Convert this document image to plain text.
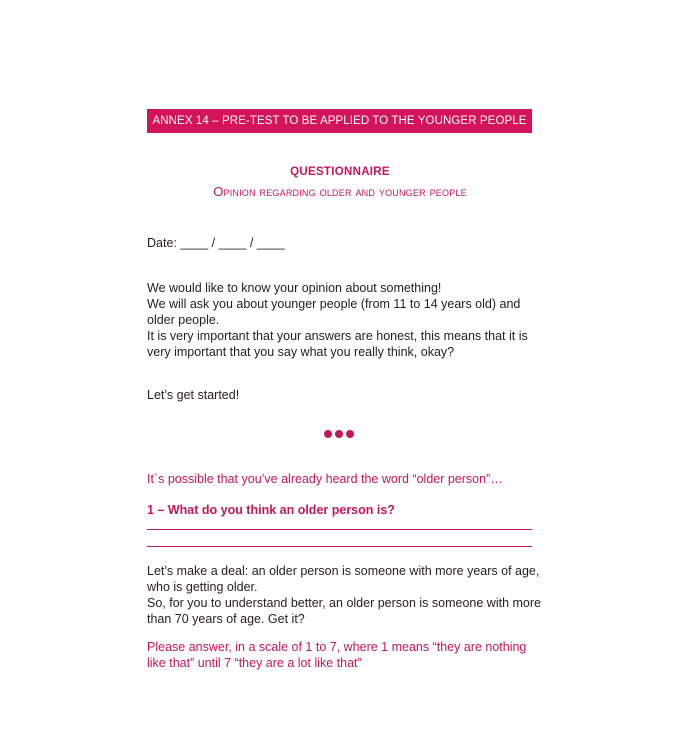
ANNEX 14 – PRE-TEST TO BE APPLIED TO THE YOUNGER PEOPLE
QUESTIONNAIRE
Opinion regarding older and younger people
Date: ____ / ____ / ____
We would like to know your opinion about something!
We will ask you about younger people (from 11 to 14 years old) and older people.
It is very important that your answers are honest, this means that it is very important that you say what you really think, okay?
Let’s get started!
It´s possible that you’ve already heard the word “older person”…
1 – What do you think an older person is?
Let’s make a deal: an older person is someone with more years of age, who is getting older.
So, for you to understand better, an older person is someone with more than 70 years of age. Get it?
Please answer, in a scale of 1 to 7, where 1 means “they are nothing like that” until 7 “they are a lot like that”
